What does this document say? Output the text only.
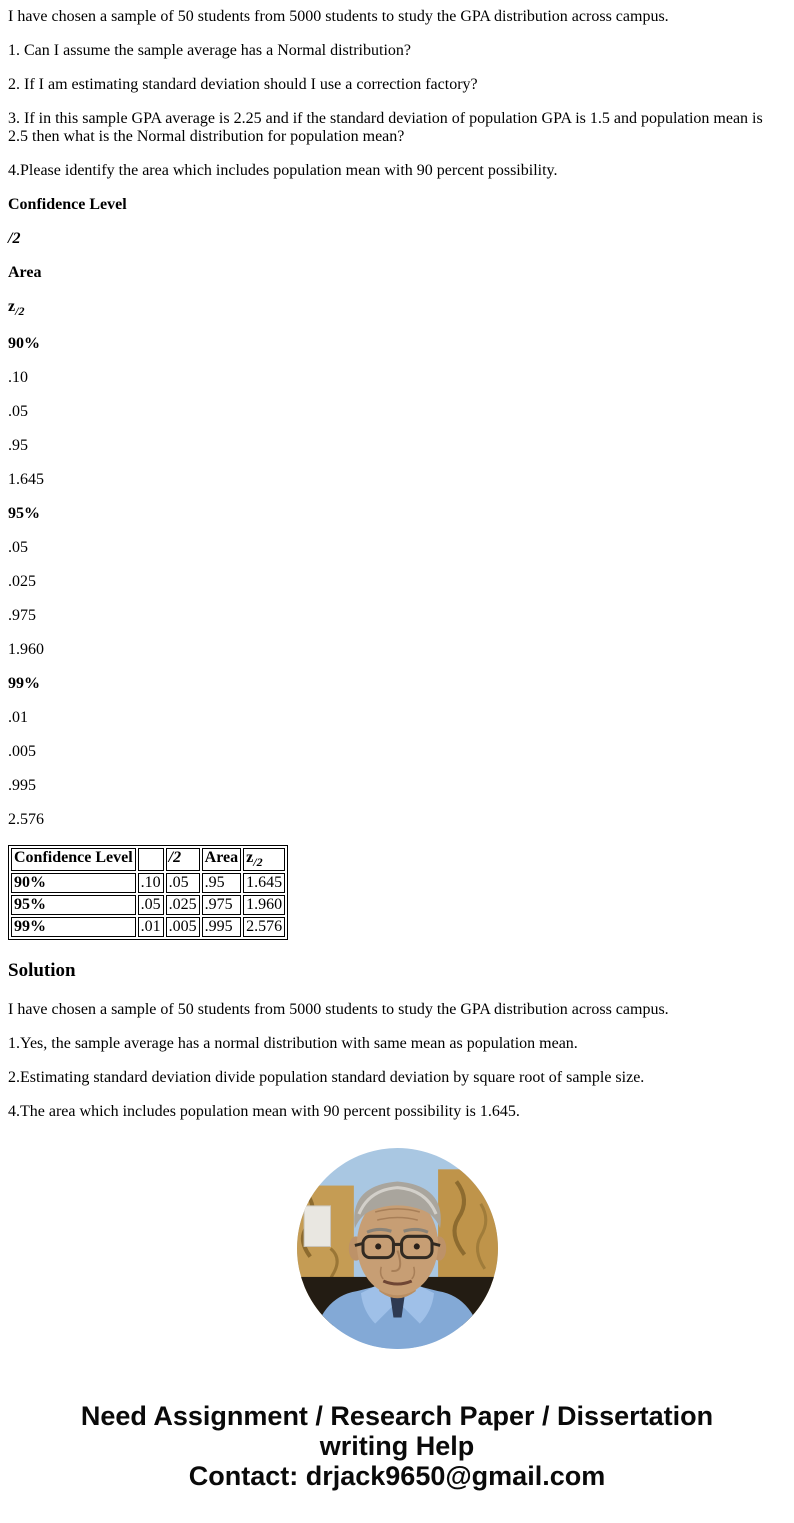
I have chosen a sample of 50 students from 5000 students to study the GPA distribution across campus.

1. Can I assume the sample average has a Normal distribution?

2. If I am estimating standard deviation should I use a correction factory?

3. If in this sample GPA average is 2.25 and if the standard deviation of population GPA is 1.5 and population mean is 2.5 then what is the Normal distribution for population mean?

4.Please identify the area which includes population mean with 90 percent possibility.

Confidence Level

/2

Area

$z_{/2}$

90%

.10

.05

.95

1.645

95%

.05

.025

.975

1.960

99%

.01

.005

.995

2.576

Confidence Level		/2	Area	$z_{/2}$
90%	.10	.05	.95	1.645
95%	.05	.025	.975	1.960
99%	.01	.005	.995	2.576
Solution

I have chosen a sample of 50 students from 5000 students to study the GPA distribution across campus.

1.Yes, the sample average has a normal distribution with same mean as population mean.

2.Estimating standard deviation divide population standard deviation by square root of sample size.

4.The area which includes population mean with 90 percent possibility is 1.645.

Need Assignment / Research Paper / Dissertation
writing Help
Contact: drjack9650@gmail.com
